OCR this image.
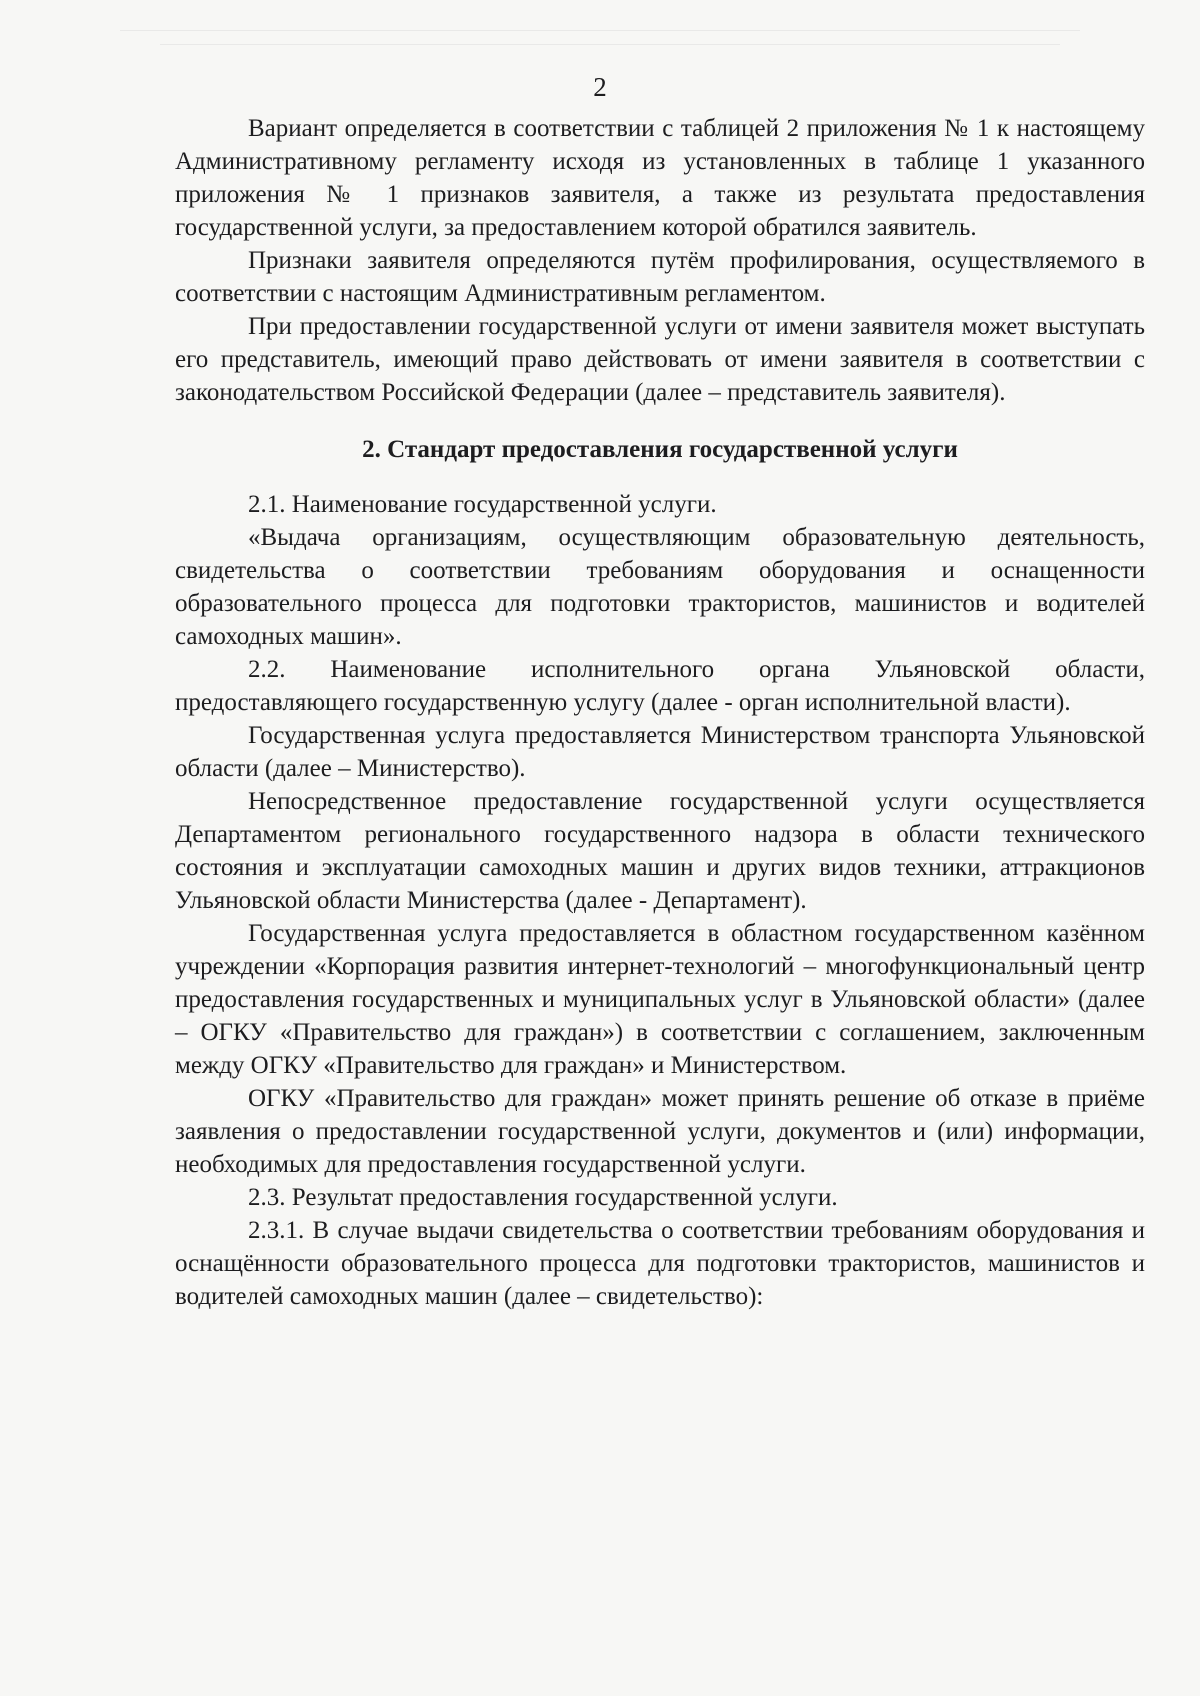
2

Вариант определяется в соответствии с таблицей 2 приложения № 1 к настоящему Административному регламенту исходя из установленных в таблице 1 указанного приложения № 1 признаков заявителя, а также из результата предоставления государственной услуги, за предоставлением которой обратился заявитель.

Признаки заявителя определяются путём профилирования, осуществляемого в соответствии с настоящим Административным регламентом.

При предоставлении государственной услуги от имени заявителя может выступать его представитель, имеющий право действовать от имени заявителя в соответствии с законодательством Российской Федерации (далее – представитель заявителя).

2. Стандарт предоставления государственной услуги

2.1. Наименование государственной услуги.

«Выдача организациям, осуществляющим образовательную деятельность, свидетельства о соответствии требованиям оборудования и оснащенности образовательного процесса для подготовки трактористов, машинистов и водителей самоходных машин».

2.2. Наименование исполнительного органа Ульяновской области, предоставляющего государственную услугу (далее - орган исполнительной власти).

Государственная услуга предоставляется Министерством транспорта Ульяновской области (далее – Министерство).

Непосредственное предоставление государственной услуги осуществляется Департаментом регионального государственного надзора в области технического состояния и эксплуатации самоходных машин и других видов техники, аттракционов Ульяновской области Министерства (далее - Департамент).

Государственная услуга предоставляется в областном государственном казённом учреждении «Корпорация развития интернет-технологий – многофункциональный центр предоставления государственных и муниципальных услуг в Ульяновской области» (далее – ОГКУ «Правительство для граждан») в соответствии с соглашением, заключенным между ОГКУ «Правительство для граждан» и Министерством.

ОГКУ «Правительство для граждан» может принять решение об отказе в приёме заявления о предоставлении государственной услуги, документов и (или) информации, необходимых для предоставления государственной услуги.

2.3. Результат предоставления государственной услуги.

2.3.1. В случае выдачи свидетельства о соответствии требованиям оборудования и оснащённости образовательного процесса для подготовки трактористов, машинистов и водителей самоходных машин (далее – свидетельство):
